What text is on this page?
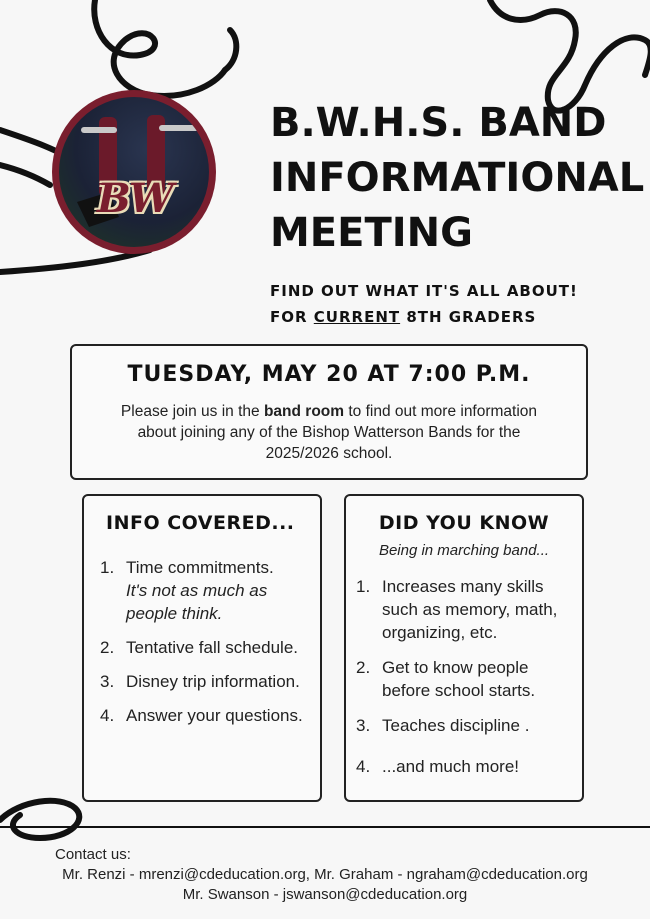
BW
B.W.H.S. BAND
INFORMATIONAL
MEETING
FIND OUT WHAT IT'S ALL ABOUT!
FOR CURRENT 8TH GRADERS
TUESDAY, MAY 20 AT 7:00 P.M.
Please join us in the band room to find out more information about joining any of the Bishop Watterson Bands for the 2025/2026 school.
INFO COVERED...
1. Time commitments.
It's not as much as people think.
2. Tentative fall schedule.
3. Disney trip information.
4. Answer your questions.
DID YOU KNOW
Being in marching band...
1. Increases many skills such as memory, math, organizing, etc.
2. Get to know people before school starts.
3. Teaches discipline .
4. ...and much more!
Contact us:
Mr. Renzi - mrenzi@cdeducation.org, Mr. Graham - ngraham@cdeducation.org
Mr. Swanson - jswanson@cdeducation.org
